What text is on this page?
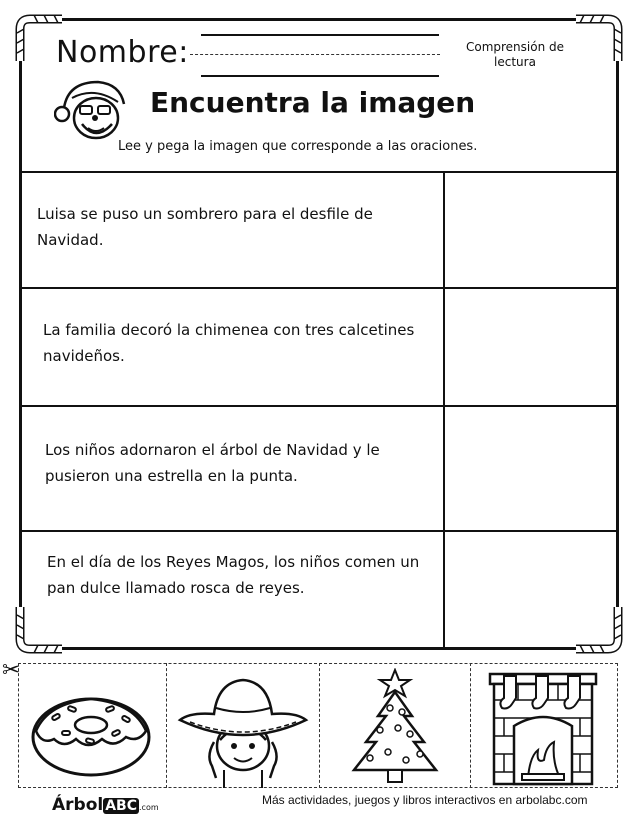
Nombre:	Comprensión de lectura
Encuentra la imagen
Lee y pega la imagen que corresponde a las oraciones.
Luisa se puso un sombrero para el desfile de Navidad.
La familia decoró la chimenea con tres calcetines navideños.
Los niños adornaron el árbol de Navidad y le pusieron una estrella en la punta.
En el día de los Reyes Magos, los niños comen un pan dulce llamado rosca de reyes.
✂
Árbol ABC .com
Más actividades, juegos y libros interactivos en arbolabc.com
